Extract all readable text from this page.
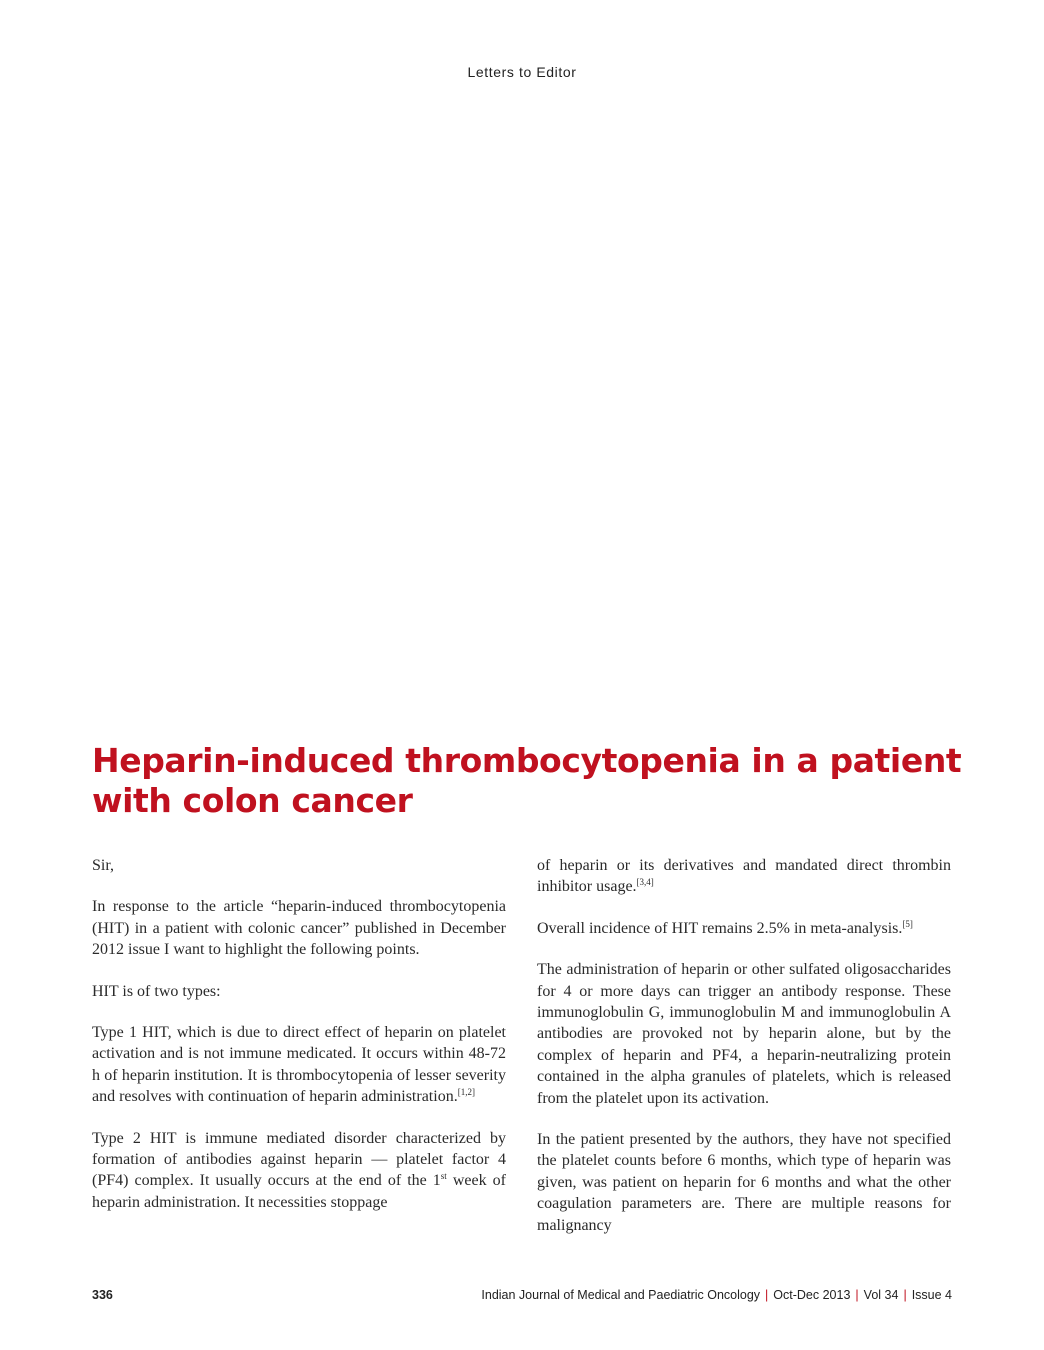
Letters to Editor
Heparin-induced thrombocytopenia in a patient with colon cancer

Sir,

In response to the article “heparin-induced thrombocytopenia (HIT) in a patient with colonic cancer” published in December 2012 issue I want to highlight the following points.

HIT is of two types:

Type 1 HIT, which is due to direct effect of heparin on platelet activation and is not immune medicated. It occurs within 48-72 h of heparin institution. It is thrombocytopenia of lesser severity and resolves with continuation of heparin administration.[1,2]

Type 2 HIT is immune mediated disorder characterized by formation of antibodies against heparin — platelet factor 4 (PF4) complex. It usually occurs at the end of the 1st week of heparin administration. It necessities stoppage

of heparin or its derivatives and mandated direct thrombin inhibitor usage.[3,4]

Overall incidence of HIT remains 2.5% in meta-analysis.[5]

The administration of heparin or other sulfated oligosaccharides for 4 or more days can trigger an antibody response. These immunoglobulin G, immunoglobulin M and immunoglobulin A antibodies are provoked not by heparin alone, but by the complex of heparin and PF4, a heparin-neutralizing protein contained in the alpha granules of platelets, which is released from the platelet upon its activation.

In the patient presented by the authors, they have not specified the platelet counts before 6 months, which type of heparin was given, was patient on heparin for 6 months and what the other coagulation parameters are. There are multiple reasons for malignancy

336	Indian Journal of Medical and Paediatric Oncology | Oct-Dec 2013 | Vol 34 | Issue 4
